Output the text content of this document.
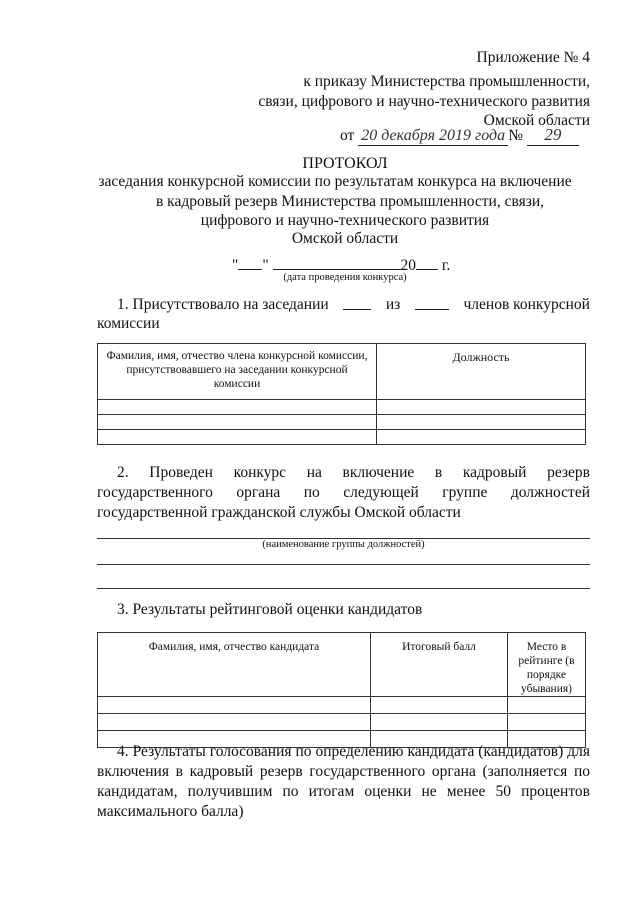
Приложение № 4
к приказу Министерства промышленности,
связи, цифрового и научно-технического развития
Омской области
от 20 декабря 2019 года № 29
ПРОТОКОЛ
заседания конкурсной комиссии по результатам конкурса на включение
в кадровый резерв Министерства промышленности, связи,
цифрового и научно-технического развития
Омской области
" "	20 г.
(дата проведения конкурса)
1. Присутствовало на заседании	из	членов конкурсной
комиссии
Фамилия, имя, отчество члена конкурсной комиссии, присутствовавшего на заседании конкурсной комиссии	Должность

2. Проведен конкурс на включение в кадровый резерв государственного органа по следующей группе должностей государственной гражданской службы Омской области
(наименование группы должностей)
3. Результаты рейтинговой оценки кандидатов
Фамилия, имя, отчество кандидата	Итоговый балл	Место в рейтинге (в порядке убывания)

4. Результаты голосования по определению кандидата (кандидатов) для включения в кадровый резерв государственного органа (заполняется по кандидатам, получившим по итогам оценки не менее 50 процентов максимального балла)
